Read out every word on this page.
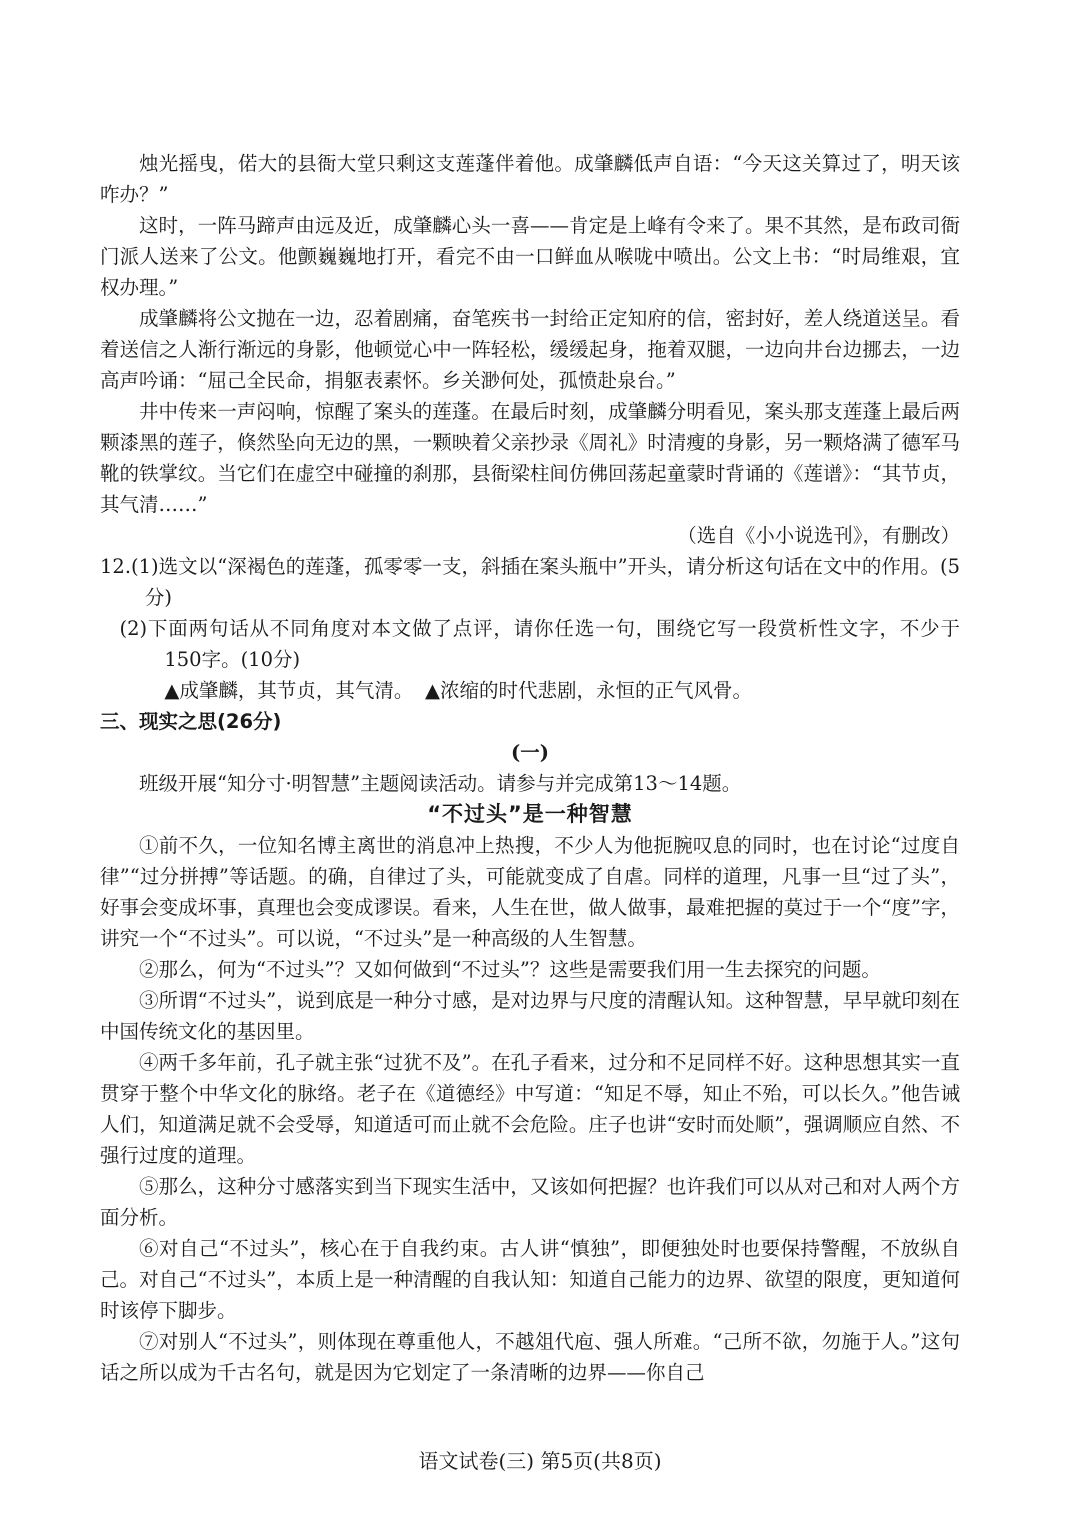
烛光摇曳，偌大的县衙大堂只剩这支莲蓬伴着他。成肇麟低声自语：“今天这关算过了，明天该咋办？”

这时，一阵马蹄声由远及近，成肇麟心头一喜——肯定是上峰有令来了。果不其然，是布政司衙门派人送来了公文。他颤巍巍地打开，看完不由一口鲜血从喉咙中喷出。公文上书：“时局维艰，宜权办理。”

成肇麟将公文抛在一边，忍着剧痛，奋笔疾书一封给正定知府的信，密封好，差人绕道送呈。看着送信之人渐行渐远的身影，他顿觉心中一阵轻松，缓缓起身，拖着双腿，一边向井台边挪去，一边高声吟诵：“屈己全民命，捐躯表素怀。乡关渺何处，孤愤赴泉台。”

井中传来一声闷响，惊醒了案头的莲蓬。在最后时刻，成肇麟分明看见，案头那支莲蓬上最后两颗漆黑的莲子，倏然坠向无边的黑，一颗映着父亲抄录《周礼》时清瘦的身影，另一颗烙满了德军马靴的铁掌纹。当它们在虚空中碰撞的刹那，县衙梁柱间仿佛回荡起童蒙时背诵的《莲谱》：“其节贞，其气清……”

（选自《小小说选刊》，有删改）

12.(1)选文以“深褐色的莲蓬，孤零零一支，斜插在案头瓶中”开头，请分析这句话在文中的作用。(5分)

(2)下面两句话从不同角度对本文做了点评，请你任选一句，围绕它写一段赏析性文字，不少于150字。(10分)

▲成肇麟，其节贞，其气清。 ▲浓缩的时代悲剧，永恒的正气风骨。

三、现实之思(26分)

(一)

班级开展“知分寸·明智慧”主题阅读活动。请参与并完成第13～14题。

“不过头”是一种智慧

①前不久，一位知名博主离世的消息冲上热搜，不少人为他扼腕叹息的同时，也在讨论“过度自律”“过分拼搏”等话题。的确，自律过了头，可能就变成了自虐。同样的道理，凡事一旦“过了头”，好事会变成坏事，真理也会变成谬误。看来，人生在世，做人做事，最难把握的莫过于一个“度”字，讲究一个“不过头”。可以说，“不过头”是一种高级的人生智慧。

②那么，何为“不过头”？又如何做到“不过头”？这些是需要我们用一生去探究的问题。

③所谓“不过头”，说到底是一种分寸感，是对边界与尺度的清醒认知。这种智慧，早早就印刻在中国传统文化的基因里。

④两千多年前，孔子就主张“过犹不及”。在孔子看来，过分和不足同样不好。这种思想其实一直贯穿于整个中华文化的脉络。老子在《道德经》中写道：“知足不辱，知止不殆，可以长久。”他告诫人们，知道满足就不会受辱，知道适可而止就不会危险。庄子也讲“安时而处顺”，强调顺应自然、不强行过度的道理。

⑤那么，这种分寸感落实到当下现实生活中，又该如何把握？也许我们可以从对己和对人两个方面分析。

⑥对自己“不过头”，核心在于自我约束。古人讲“慎独”，即便独处时也要保持警醒，不放纵自己。对自己“不过头”，本质上是一种清醒的自我认知：知道自己能力的边界、欲望的限度，更知道何时该停下脚步。

⑦对别人“不过头”，则体现在尊重他人，不越俎代庖、强人所难。“己所不欲，勿施于人。”这句话之所以成为千古名句，就是因为它划定了一条清晰的边界——你自己

语文试卷(三) 第5页(共8页)
